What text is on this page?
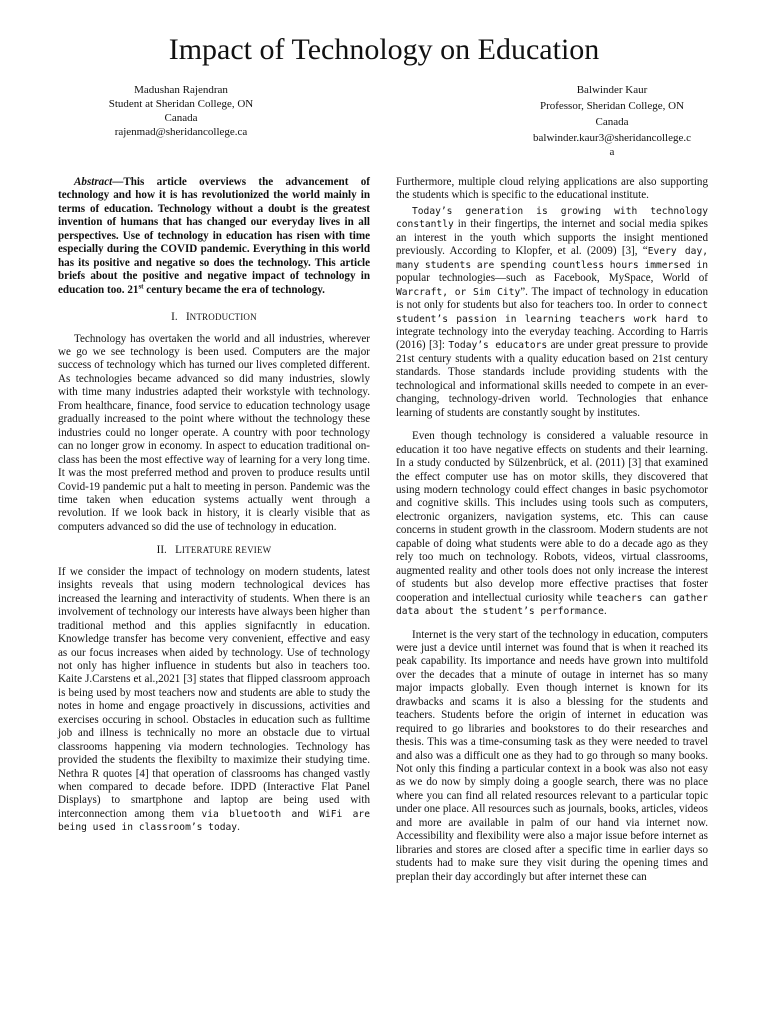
Impact of Technology on Education
Madushan Rajendran
Student at Sheridan College, ON
Canada
rajenmad@sheridancollege.ca
Balwinder Kaur
Professor, Sheridan College, ON
Canada
balwinder.kaur3@sheridancollege.c
a

Abstract—This article overviews the advancement of technology and how it is has revolutionized the world mainly in terms of education. Technology without a doubt is the greatest invention of humans that has changed our everyday lives in all perspectives. Use of technology in education has risen with time especially during the COVID pandemic. Everything in this world has its positive and negative so does the technology. This article briefs about the positive and negative impact of technology in education too. 21st century became the era of technology.

I. INTRODUCTION

Technology has overtaken the world and all industries, wherever we go we see technology is been used. Computers are the major success of technology which has turned our lives completed different. As technologies became advanced so did many industries, slowly with time many industries adapted their workstyle with technology. From healthcare, finance, food service to education technology usage gradually increased to the point where without the technology these industries could no longer operate. A country with poor technology can no longer grow in economy. In aspect to education traditional on-class has been the most effective way of learning for a very long time. It was the most preferred method and proven to produce results until Covid-19 pandemic put a halt to meeting in person. Pandemic was the time taken when education systems actually went through a revolution. If we look back in history, it is clearly visible that as computers advanced so did the use of technology in education.

II. LITERATURE REVIEW

If we consider the impact of technology on modern students, latest insights reveals that using modern technological devices has increased the learning and interactivity of students. When there is an involvement of technology our interests have always been higher than traditional method and this applies signifacntly in education. Knowledge transfer has become very convenient, effective and easy as our focus increases when aided by technology. Use of technology not only has higher influence in students but also in teachers too. Kaite J.Carstens et al.,2021 [3] states that flipped classroom approach is being used by most teachers now and students are able to study the notes in home and engage proactively in discussions, activities and exercises occuring in school. Obstacles in education such as fulltime job and illness is technically no more an obstacle due to virtual classrooms happening via modern technologies. Technology has provided the students the flexibilty to maximize their studying time. Nethra R quotes [4] that operation of classrooms has changed vastly when compared to decade before. IDPD (Interactive Flat Panel Displays) to smartphone and laptop are being used with interconnection among them via bluetooth and WiFi are being used in classroom’s today.

Furthermore, multiple cloud relying applications are also supporting the students which is specific to the educational institute.

Today’s generation is growing with technology constantly in their fingertips, the internet and social media spikes an interest in the youth which supports the insight mentioned previously. According to Klopfer, et al. (2009) [3], “Every day, many students are spending countless hours immersed in popular technologies—such as Facebook, MySpace, World of Warcraft, or Sim City”. The impact of technology in education is not only for students but also for teachers too. In order to connect student’s passion in learning teachers work hard to integrate technology into the everyday teaching. According to Harris (2016) [3]: Today’s educators are under great pressure to provide 21st century students with a quality education based on 21st century standards. Those standards include providing students with the technological and informational skills needed to compete in an ever-changing, technology-driven world. Technologies that enhance learning of students are constantly sought by institutes.

Even though technology is considered a valuable resource in education it too have negative effects on students and their learning. In a study conducted by Sülzenbrück, et al. (2011) [3] that examined the effect computer use has on motor skills, they discovered that using modern technology could effect changes in basic psychomotor and cognitive skills. This includes using tools such as computers, electronic organizers, navigation systems, etc. This can cause concerns in student growth in the classroom. Modern students are not capable of doing what students were able to do a decade ago as they rely too much on technology. Robots, videos, virtual classrooms, augmented reality and other tools does not only increase the interest of students but also develop more effective practises that foster cooperation and intellectual curiosity while teachers can gather data about the student’s performance.

Internet is the very start of the technology in education, computers were just a device until internet was found that is when it reached its peak capability. Its importance and needs have grown into multifold over the decades that a minute of outage in internet has so many major impacts globally. Even though internet is known for its drawbacks and scams it is also a blessing for the students and teachers. Students before the origin of internet in education was required to go libraries and bookstores to do their researches and thesis. This was a time-consuming task as they were needed to travel and also was a difficult one as they had to go through so many books. Not only this finding a particular context in a book was also not easy as we do now by simply doing a google search, there was no place where you can find all related resources relevant to a particular topic under one place. All resources such as journals, books, articles, videos and more are available in palm of our hand via internet now. Accessibility and flexibility were also a major issue before internet as libraries and stores are closed after a specific time in earlier days so students had to make sure they visit during the opening times and preplan their day accordingly but after internet these can
